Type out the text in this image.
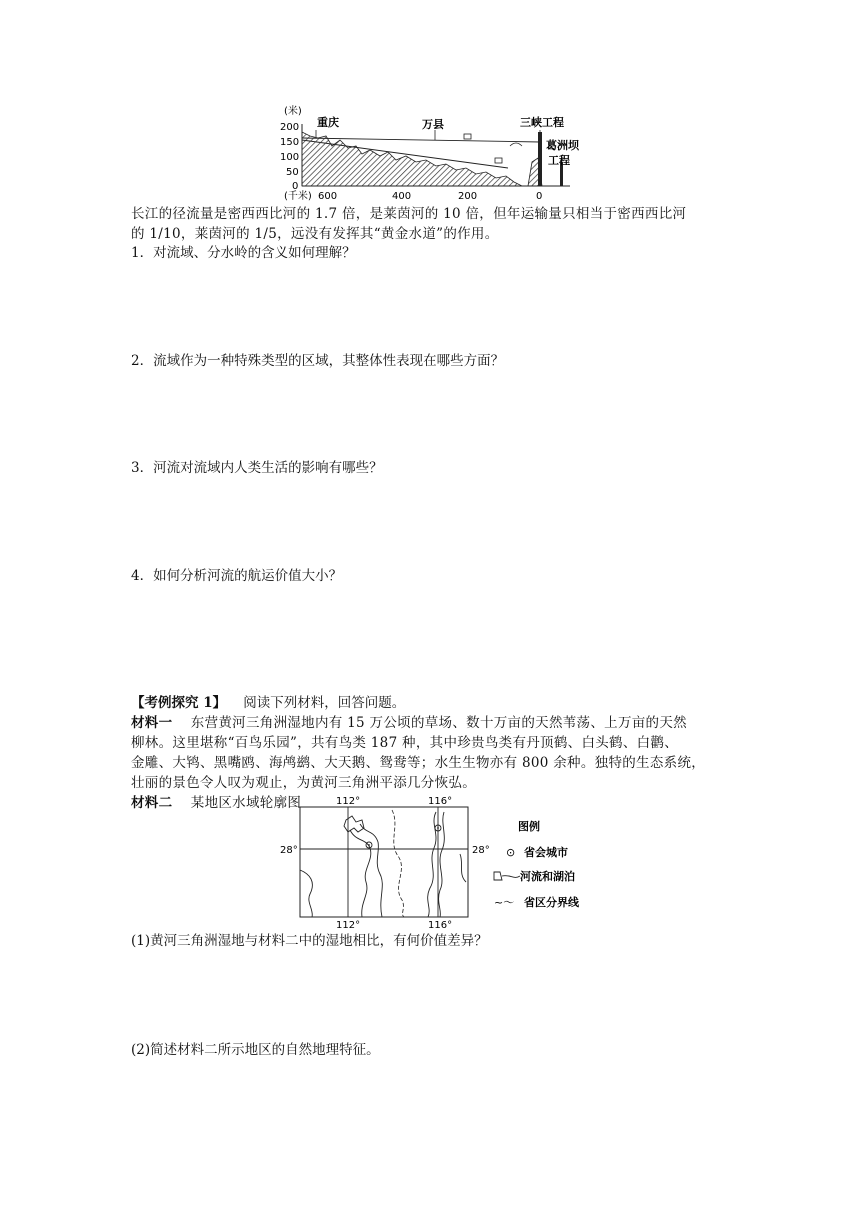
(米)
200
150
100
50
0
(千米) 600	400	200	0
重庆	万县	三峡工程
葛洲坝
工程
长江的径流量是密西西比河的 1.7 倍，是莱茵河的 10 倍，但年运输量只相当于密西西比河
的 1/10，莱茵河的 1/5，远没有发挥其“黄金水道”的作用。
1．对流域、分水岭的含义如何理解？
2．流域作为一种特殊类型的区域，其整体性表现在哪些方面？
3．河流对流域内人类生活的影响有哪些？
4．如何分析河流的航运价值大小？
【考例探究 1】 阅读下列材料，回答问题。
材料一 东营黄河三角洲湿地内有 15 万公顷的草场、数十万亩的天然苇荡、上万亩的天然
柳林。这里堪称“百鸟乐园”，共有鸟类 187 种，其中珍贵鸟类有丹顶鹤、白头鹤、白鹳、
金雕、大鸨、黑嘴鸥、海鸬鹚、大天鹅、鸳鸯等；水生生物亦有 800 余种。独特的生态系统，
壮丽的景色令人叹为观止，为黄河三角洲平添几分恢弘。
材料二 某地区水域轮廓图	112°	116°
112°	116°
28°	28°
图例
⊙ 省会城市
河流和湖泊
~～ 省区分界线
(1)黄河三角洲湿地与材料二中的湿地相比，有何价值差异？
(2)简述材料二所示地区的自然地理特征。
